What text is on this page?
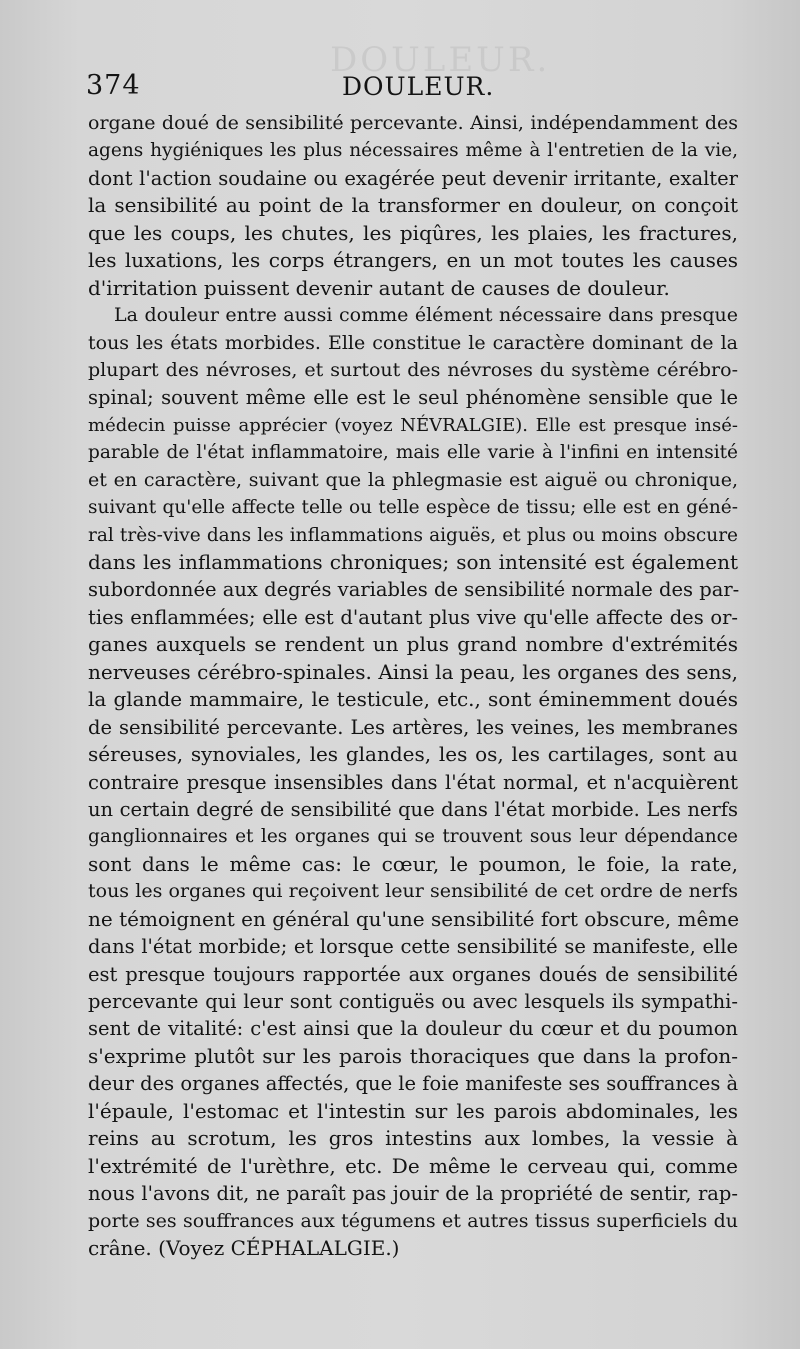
DOULEUR.
374	DOULEUR.
organe doué de sensibilité percevante. Ainsi, indépendamment des
agens hygiéniques les plus nécessaires même à l'entretien de la vie,
dont l'action soudaine ou exagérée peut devenir irritante, exalter
la sensibilité au point de la transformer en douleur, on conçoit
que les coups, les chutes, les piqûres, les plaies, les fractures,
les luxations, les corps étrangers, en un mot toutes les causes
d'irritation puissent devenir autant de causes de douleur.
La douleur entre aussi comme élément nécessaire dans presque
tous les états morbides. Elle constitue le caractère dominant de la
plupart des névroses, et surtout des névroses du système cérébro-
spinal; souvent même elle est le seul phénomène sensible que le
médecin puisse apprécier (voyez NÉVRALGIE). Elle est presque insé-
parable de l'état inflammatoire, mais elle varie à l'infini en intensité
et en caractère, suivant que la phlegmasie est aiguë ou chronique,
suivant qu'elle affecte telle ou telle espèce de tissu; elle est en géné-
ral très-vive dans les inflammations aiguës, et plus ou moins obscure
dans les inflammations chroniques; son intensité est également
subordonnée aux degrés variables de sensibilité normale des par-
ties enflammées; elle est d'autant plus vive qu'elle affecte des or-
ganes auxquels se rendent un plus grand nombre d'extrémités
nerveuses cérébro-spinales. Ainsi la peau, les organes des sens,
la glande mammaire, le testicule, etc., sont éminemment doués
de sensibilité percevante. Les artères, les veines, les membranes
séreuses, synoviales, les glandes, les os, les cartilages, sont au
contraire presque insensibles dans l'état normal, et n'acquièrent
un certain degré de sensibilité que dans l'état morbide. Les nerfs
ganglionnaires et les organes qui se trouvent sous leur dépendance
sont dans le même cas: le cœur, le poumon, le foie, la rate,
tous les organes qui reçoivent leur sensibilité de cet ordre de nerfs
ne témoignent en général qu'une sensibilité fort obscure, même
dans l'état morbide; et lorsque cette sensibilité se manifeste, elle
est presque toujours rapportée aux organes doués de sensibilité
percevante qui leur sont contiguës ou avec lesquels ils sympathi-
sent de vitalité: c'est ainsi que la douleur du cœur et du poumon
s'exprime plutôt sur les parois thoraciques que dans la profon-
deur des organes affectés, que le foie manifeste ses souffrances à
l'épaule, l'estomac et l'intestin sur les parois abdominales, les
reins au scrotum, les gros intestins aux lombes, la vessie à
l'extrémité de l'urèthre, etc. De même le cerveau qui, comme
nous l'avons dit, ne paraît pas jouir de la propriété de sentir, rap-
porte ses souffrances aux tégumens et autres tissus superficiels du
crâne. (Voyez CÉPHALALGIE.)
